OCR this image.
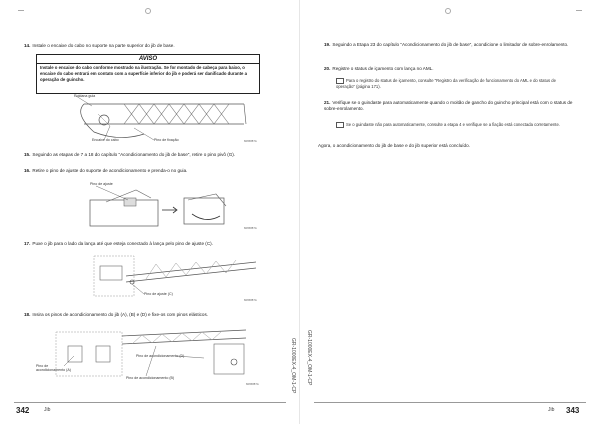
14. Instale o encaixe do cabo no suporte na parte superior do jib de base.
AVISO
Instale o encaixe do cabo conforme mostrado na ilustração. Se for montado de cabeça para baixo, o encaixe do cabo entrará em contato com a superfície inferior do jib e poderá ser danificado durante a operação de guincho.
Roldana guia
Encaixe do cabo	Pino de fixação	8265887A
15. Seguindo as etapas de 7 a 18 do capítulo "Acondicionamento do jib de base", retire o pino pivô (G).
16. Retire o pino de ajuste do suporte de acondicionamento e prenda-o no guia.
Pino de ajuste
8265887A
17. Puxe o jib para o lado da lança até que esteja conectado à lança pelo pino de ajuste (C).
Pino de ajuste (C)
8265887A
18. Insira os pinos de acondicionamento do jib (A), (B) e (D) e fixe-os com pinos elásticos.
Pino de acondicionamento (D)
Pino de acondicionamento (A)
Pino de acondicionamento (B)
8265887A	GR-1000EX-4_OM-1-CP
342	Jib
19. Seguindo a Etapa 23 do capítulo "Acondicionamento do jib de base", acondicione o limitador de sobre-enrolamento.
20. Registre o status de içamento com lança no AML.
Para o registro do status de içamento, consulte "Registro da verificação de funcionamento do AML e do status de operação" (página 171).
21. Verifique se o guindaste para automaticamente quando o moitão de gancho do guincho principal está com o status de sobre-enrolamento.
Se o guindaste não para automaticamente, consulte a etapa 4 e verifique se a fiação está conectada corretamente.
Agora, o acondicionamento do jib de base e do jib superior está concluído.
GR-1000EX-4_OM-1-CP
Jib 343
